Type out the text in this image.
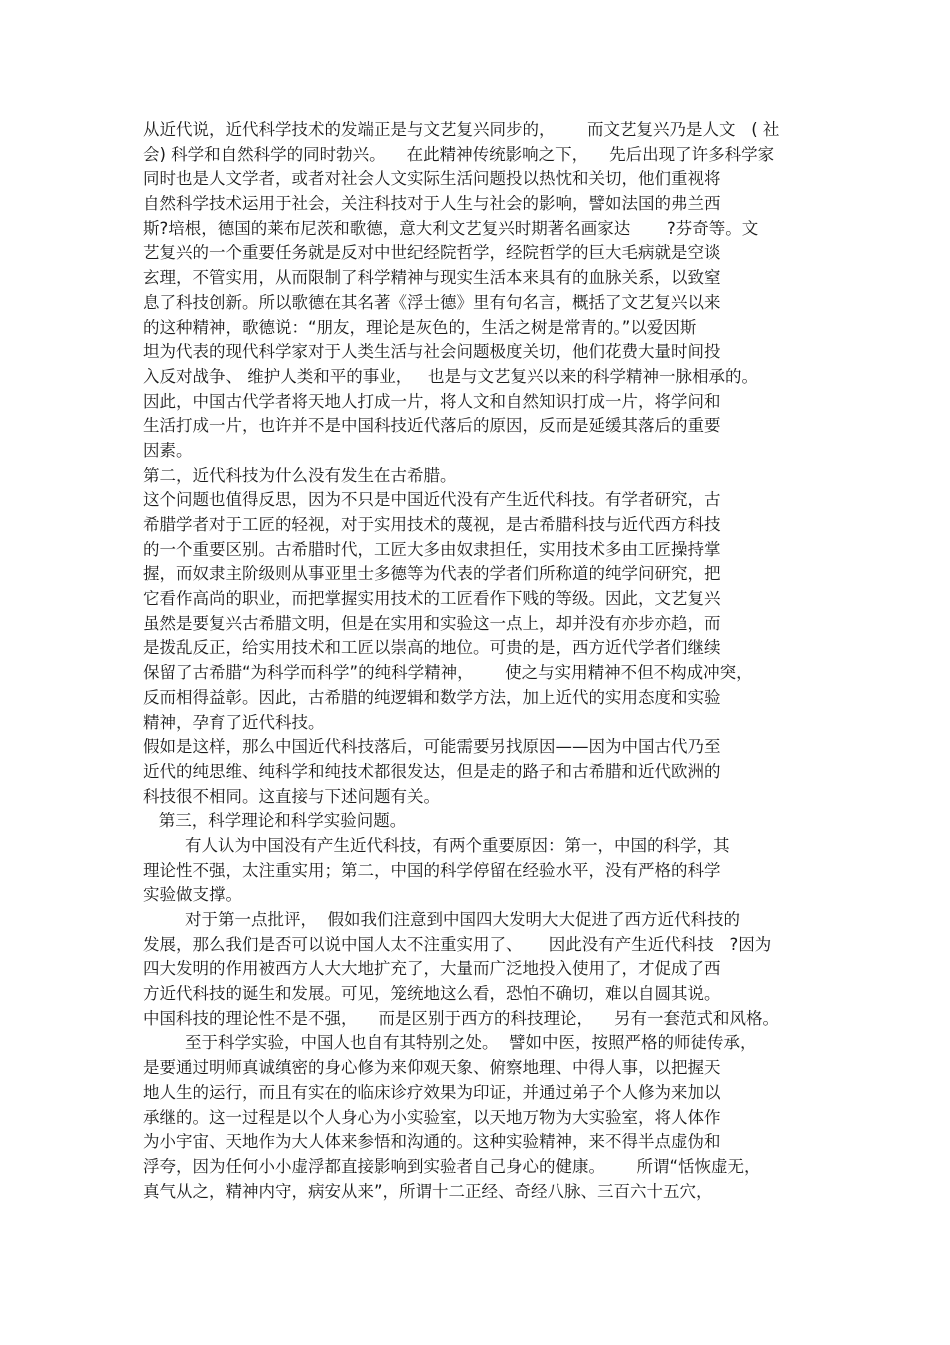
从近代说，近代科学技术的发端正是与文艺复兴同步的，      而文艺复兴乃是人文   ( 社
会) 科学和自然科学的同时勃兴。    在此精神传统影响之下，    先后出现了许多科学家
同时也是人文学者，或者对社会人文实际生活问题投以热忱和关切，他们重视将
自然科学技术运用于社会，关注科技对于人生与社会的影响，譬如法国的弗兰西
斯?培根，德国的莱布尼茨和歌德，意大利文艺复兴时期著名画家达       ?芬奇等。文
艺复兴的一个重要任务就是反对中世纪经院哲学，经院哲学的巨大毛病就是空谈
玄理，不管实用，从而限制了科学精神与现实生活本来具有的血脉关系，以致窒
息了科技创新。所以歌德在其名著《浮士德》里有句名言，概括了文艺复兴以来
的这种精神，歌德说：“朋友，理论是灰色的，生活之树是常青的。”以爱因斯
坦为代表的现代科学家对于人类生活与社会问题极度关切，他们花费大量时间投
入反对战争、 维护人类和平的事业，   也是与文艺复兴以来的科学精神一脉相承的。
因此，中国古代学者将天地人打成一片，将人文和自然知识打成一片，将学问和
生活打成一片，也许并不是中国科技近代落后的原因，反而是延缓其落后的重要
因素。
第二，近代科技为什么没有发生在古希腊。
这个问题也值得反思，因为不只是中国近代没有产生近代科技。有学者研究，古
希腊学者对于工匠的轻视，对于实用技术的蔑视，是古希腊科技与近代西方科技
的一个重要区别。古希腊时代，工匠大多由奴隶担任，实用技术多由工匠操持掌
握，而奴隶主阶级则从事亚里士多德等为代表的学者们所称道的纯学问研究，把
它看作高尚的职业，而把掌握实用技术的工匠看作下贱的等级。因此，文艺复兴
虽然是要复兴古希腊文明，但是在实用和实验这一点上，却并没有亦步亦趋，而
是拨乱反正，给实用技术和工匠以崇高的地位。可贵的是，西方近代学者们继续
保留了古希腊“为科学而科学”的纯科学精神，      使之与实用精神不但不构成冲突，
反而相得益彰。因此，古希腊的纯逻辑和数学方法，加上近代的实用态度和实验
精神，孕育了近代科技。
假如是这样，那么中国近代科技落后，可能需要另找原因——因为中国古代乃至
近代的纯思维、纯科学和纯技术都很发达，但是走的路子和古希腊和近代欧洲的
科技很不相同。这直接与下述问题有关。
第三，科学理论和科学实验问题。
有人认为中国没有产生近代科技，有两个重要原因：第一，中国的科学，其
理论性不强，太注重实用；第二，中国的科学停留在经验水平，没有严格的科学
实验做支撑。
对于第一点批评，  假如我们注意到中国四大发明大大促进了西方近代科技的
发展，那么我们是否可以说中国人太不注重实用了、     因此没有产生近代科技   ?因为
四大发明的作用被西方人大大地扩充了，大量而广泛地投入使用了，才促成了西
方近代科技的诞生和发展。可见，笼统地这么看，恐怕不确切，难以自圆其说。
中国科技的理论性不是不强，    而是区别于西方的科技理论，    另有一套范式和风格。
至于科学实验，中国人也自有其特别之处。  譬如中医，按照严格的师徒传承，
是要通过明师真诚缜密的身心修为来仰观天象、俯察地理、中得人事，以把握天
地人生的运行，而且有实在的临床诊疗效果为印证，并通过弟子个人修为来加以
承继的。这一过程是以个人身心为小实验室，以天地万物为大实验室，将人体作
为小宇宙、天地作为大人体来参悟和沟通的。这种实验精神，来不得半点虚伪和
浮夸，因为任何小小虚浮都直接影响到实验者自己身心的健康。      所谓“恬恢虚无，
真气从之，精神内守，病安从来”，所谓十二正经、奇经八脉、三百六十五穴，
